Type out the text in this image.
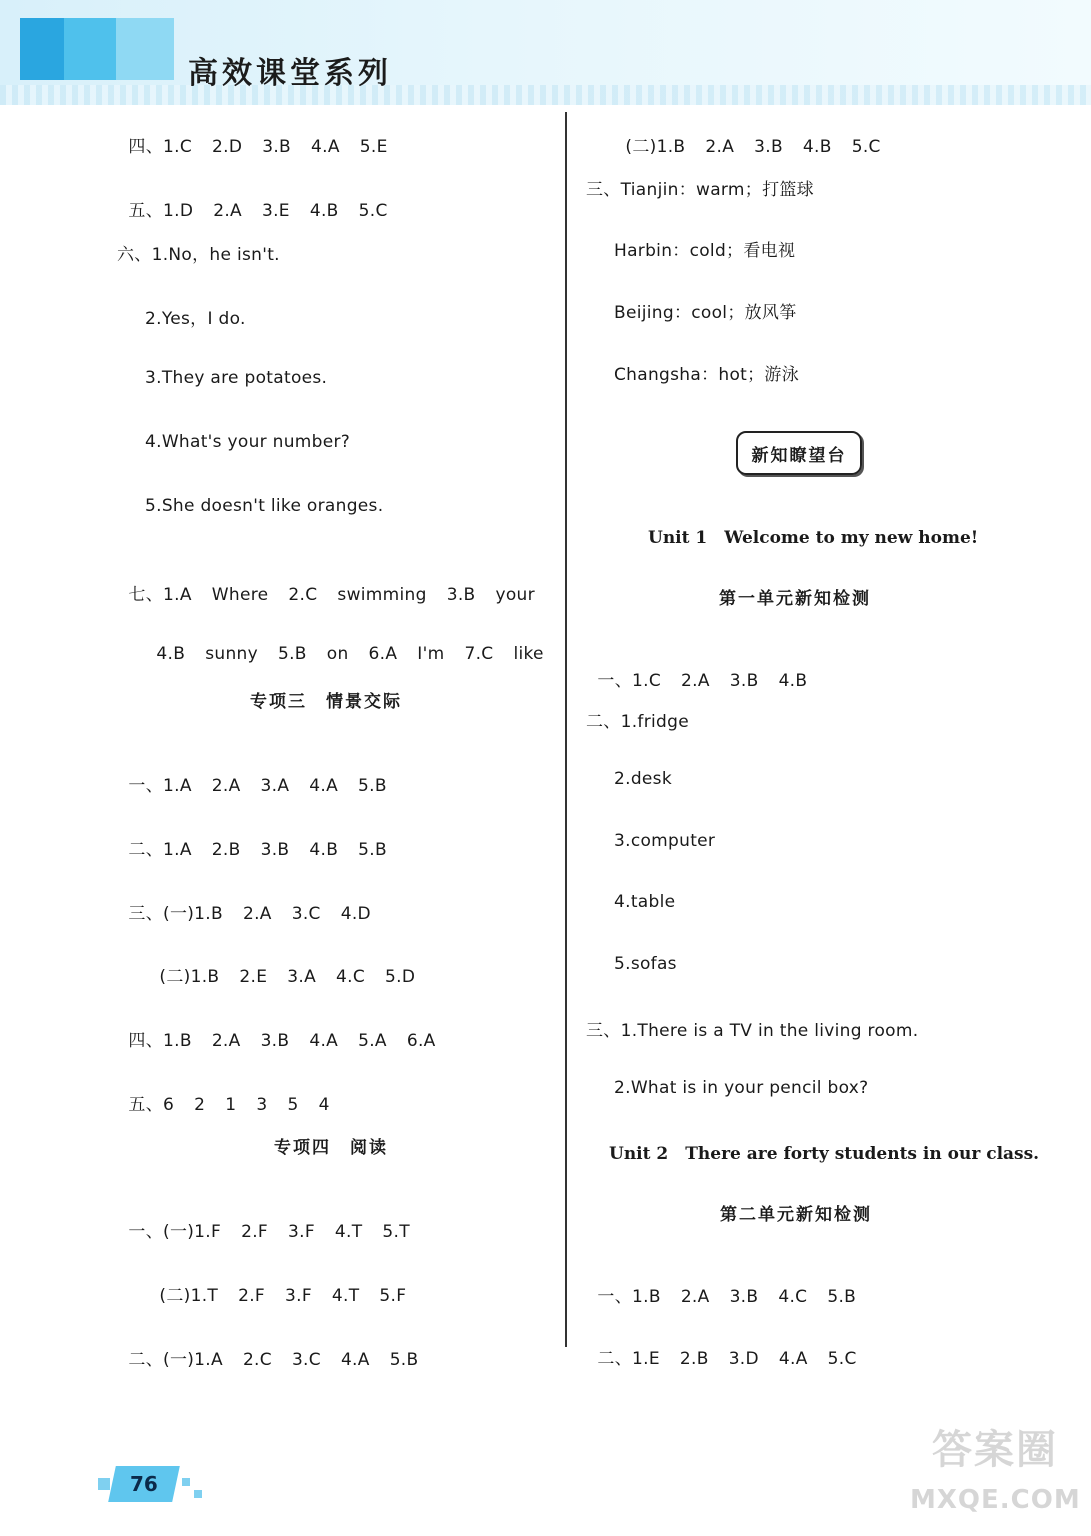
高效课堂系列

四、1.C 2.D 3.B 4.A 5.E

五、1.D 2.A 3.E 4.B 5.C

六、1.No，he isn't.
2.Yes，I do.
3.They are potatoes.
4.What's your number?
5.She doesn't like oranges.

七、1.A Where 2.C swimming 3.B your

4.B sunny 5.B on 6.A I'm 7.C like

专项三　情景交际

一、1.A 2.A 3.A 4.A 5.B

二、1.A 2.B 3.B 4.B 5.B

三、(一)1.B 2.A 3.C 4.D

(二)1.B 2.E 3.A 4.C 5.D

四、1.B 2.A 3.B 4.A 5.A 6.A

五、6 2 1 3 5 4

专项四　阅读

一、(一)1.F 2.F 3.F 4.T 5.T

(二)1.T 2.F 3.F 4.T 5.F

二、(一)1.A 2.C 3.C 4.A 5.B

(二)1.B 2.A 3.B 4.B 5.C

三、Tianjin：warm；打篮球
Harbin：cold；看电视
Beijing：cool；放风筝
Changsha：hot；游泳
新知瞭望台
Unit 1　Welcome to my new home!
第一单元新知检测

一、1.C 2.A 3.B 4.B

二、1.fridge
2.desk
3.computer
4.table
5.sofas
三、1.There is a TV in the living room.
2.What is in your pencil box?
Unit 2　There are forty students in our class.
第二单元新知检测

一、1.B 2.A 3.B 4.C 5.B

二、1.E 2.B 3.D 4.A 5.C

76
答案圈
MXQE.COM
